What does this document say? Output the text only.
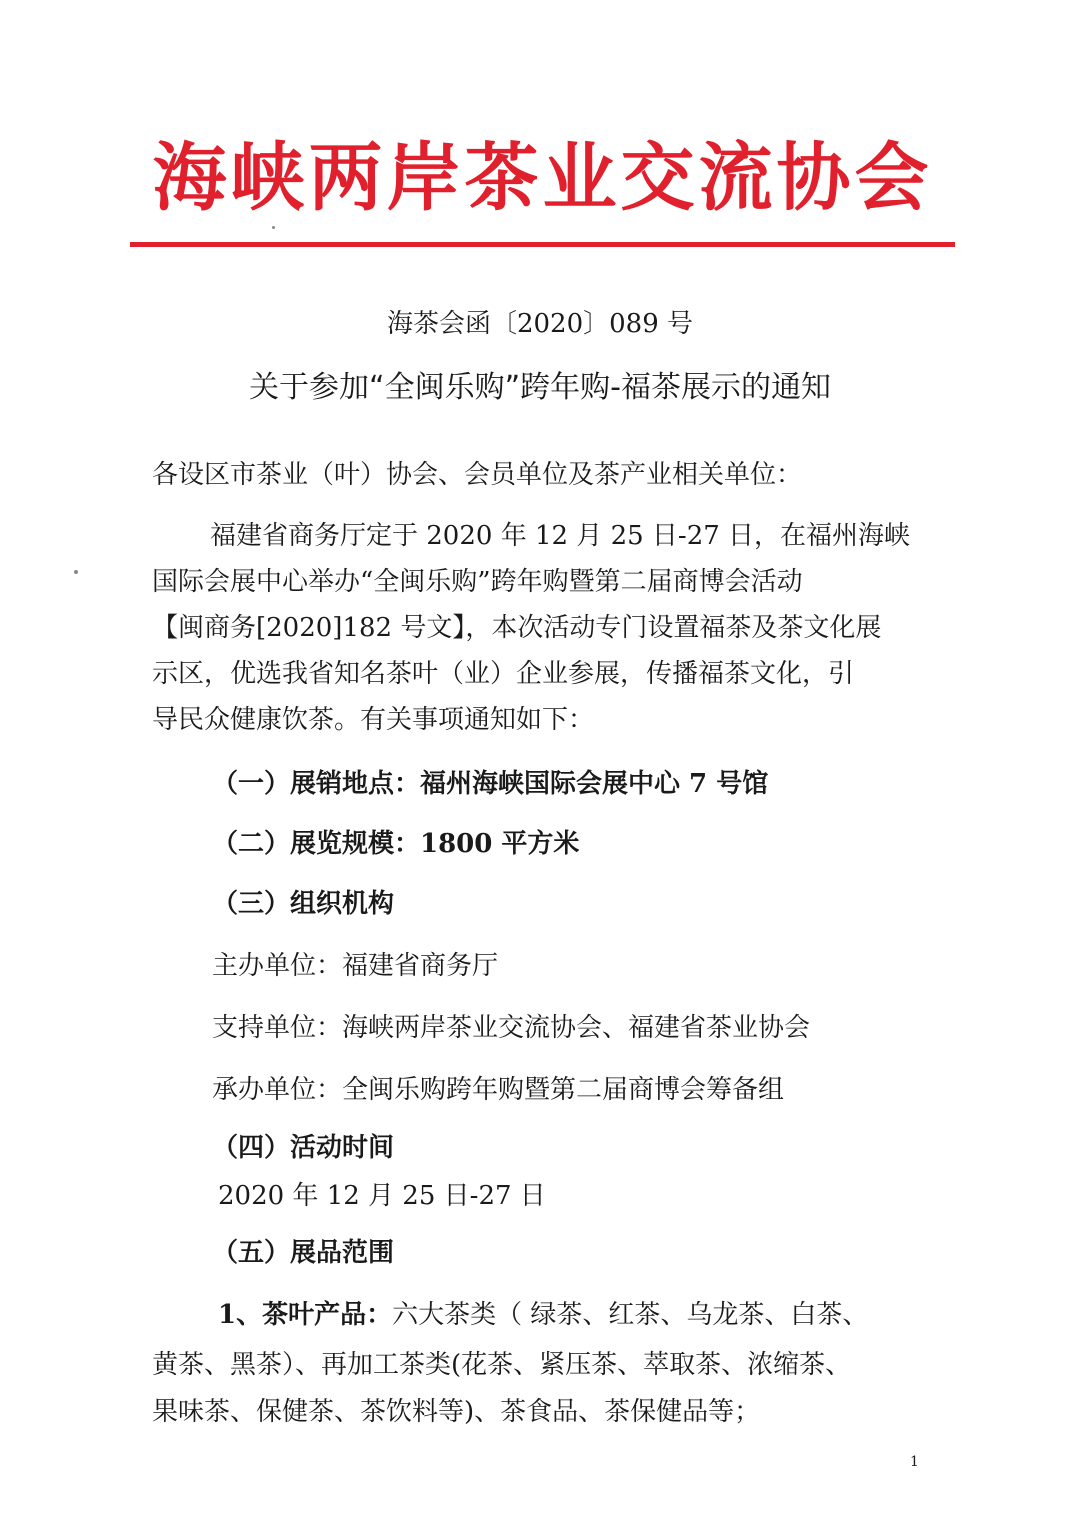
海峡两岸茶业交流协会
海茶会函〔2020〕089 号
关于参加“全闽乐购”跨年购-福茶展示的通知
各设区市茶业（叶）协会、会员单位及茶产业相关单位：
福建省商务厅定于 2020 年 12 月 25 日-27 日，在福州海峡
国际会展中心举办“全闽乐购”跨年购暨第二届商博会活动
【闽商务[2020]182 号文】，本次活动专门设置福茶及茶文化展
示区，优选我省知名茶叶（业）企业参展，传播福茶文化，引
导民众健康饮茶。有关事项通知如下：
（一）展销地点：福州海峡国际会展中心 7 号馆
（二）展览规模：1800 平方米
（三）组织机构
主办单位：福建省商务厅
支持单位：海峡两岸茶业交流协会、福建省茶业协会
承办单位：全闽乐购跨年购暨第二届商博会筹备组
（四）活动时间
2020 年 12 月 25 日-27 日
（五）展品范围
1、茶叶产品：六大茶类（ 绿茶、红茶、乌龙茶、白茶、
黄茶、黑茶）、再加工茶类(花茶、紧压茶、萃取茶、浓缩茶、
果味茶、保健茶、茶饮料等)、茶食品、茶保健品等；
1
